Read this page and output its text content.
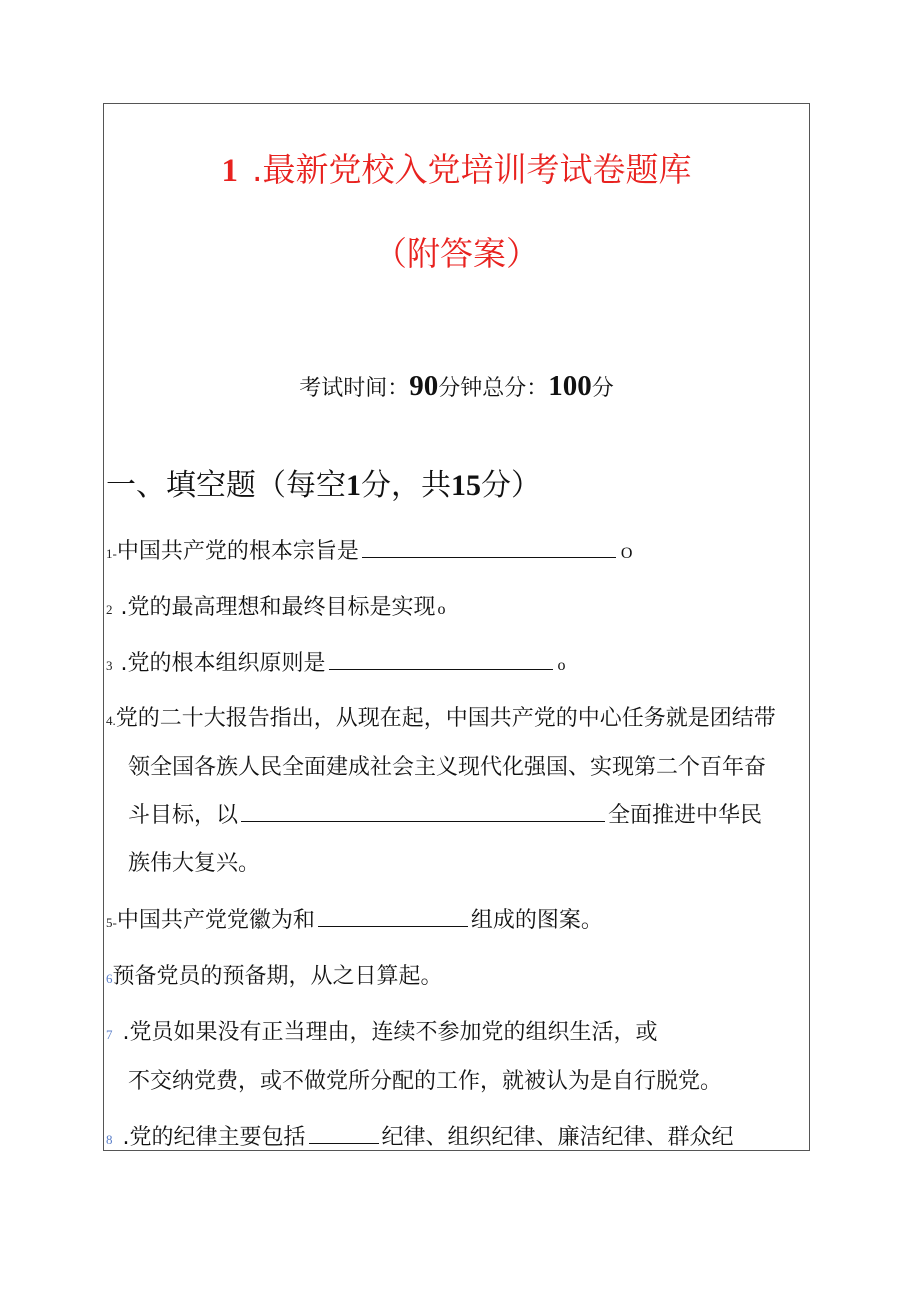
1 .最新党校入党培训考试卷题库
（附答案）
考试时间：90分钟总分：100分
一、填空题（每空1分，共15分）
1-中国共产党的根本宗旨是	O
2 .党的最高理想和最终目标是实现 o
3 .党的根本组织原则是	o
4.党的二十大报告指出，从现在起，中国共产党的中心任务就是团结带
领全国各族人民全面建成社会主义现代化强国、实现第二个百年奋
斗目标，以	全面推进中华民
族伟大复兴。
5-中国共产党党徽为和	组成的图案。
6预备党员的预备期，从之日算起。
7 .党员如果没有正当理由，连续不参加党的组织生活，或
不交纳党费，或不做党所分配的工作，就被认为是自行脱党。
8 .党的纪律主要包括	纪律、组织纪律、廉洁纪律、群众纪
